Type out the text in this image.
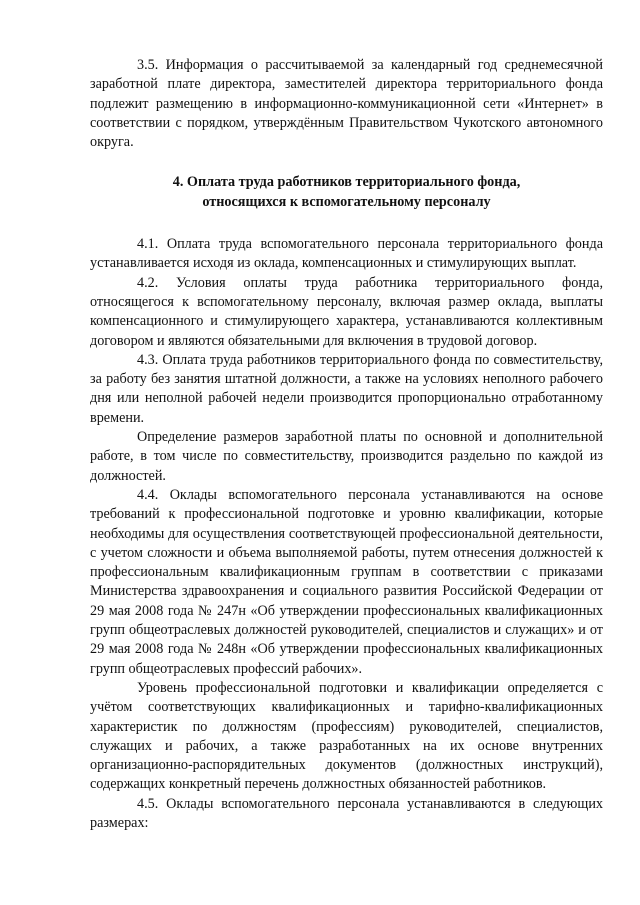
3.5. Информация о рассчитываемой за календарный год среднемесячной заработной плате директора, заместителей директора территориального фонда подлежит размещению в информационно-коммуникационной сети «Интернет» в соответствии с порядком, утверждённым Правительством Чукотского автономного округа.

4. Оплата труда работников территориального фонда,
относящихся к вспомогательному персоналу

4.1. Оплата труда вспомогательного персонала территориального фонда устанавливается исходя из оклада, компенсационных и стимулирующих выплат.

4.2. Условия оплаты труда работника территориального фонда, относящегося к вспомогательному персоналу, включая размер оклада, выплаты компенсационного и стимулирующего характера, устанавливаются коллективным договором и являются обязательными для включения в трудовой договор.

4.3. Оплата труда работников территориального фонда по совместительству, за работу без занятия штатной должности, а также на условиях неполного рабочего дня или неполной рабочей недели производится пропорционально отработанному времени.

Определение размеров заработной платы по основной и дополнительной работе, в том числе по совместительству, производится раздельно по каждой из должностей.

4.4. Оклады вспомогательного персонала устанавливаются на основе требований к профессиональной подготовке и уровню квалификации, которые необходимы для осуществления соответствующей профессиональной деятельности, с учетом сложности и объема выполняемой работы, путем отнесения должностей к профессиональным квалификационным группам в соответствии с приказами Министерства здравоохранения и социального развития Российской Федерации от 29 мая 2008 года № 247н «Об утверждении профессиональных квалификационных групп общеотраслевых должностей руководителей, специалистов и служащих» и от 29 мая 2008 года № 248н «Об утверждении профессиональных квалификационных групп общеотраслевых профессий рабочих».

Уровень профессиональной подготовки и квалификации определяется с учётом соответствующих квалификационных и тарифно-квалификационных характеристик по должностям (профессиям) руководителей, специалистов, служащих и рабочих, а также разработанных на их основе внутренних организационно-распорядительных документов (должностных инструкций), содержащих конкретный перечень должностных обязанностей работников.

4.5. Оклады вспомогательного персонала устанавливаются в следующих размерах:
